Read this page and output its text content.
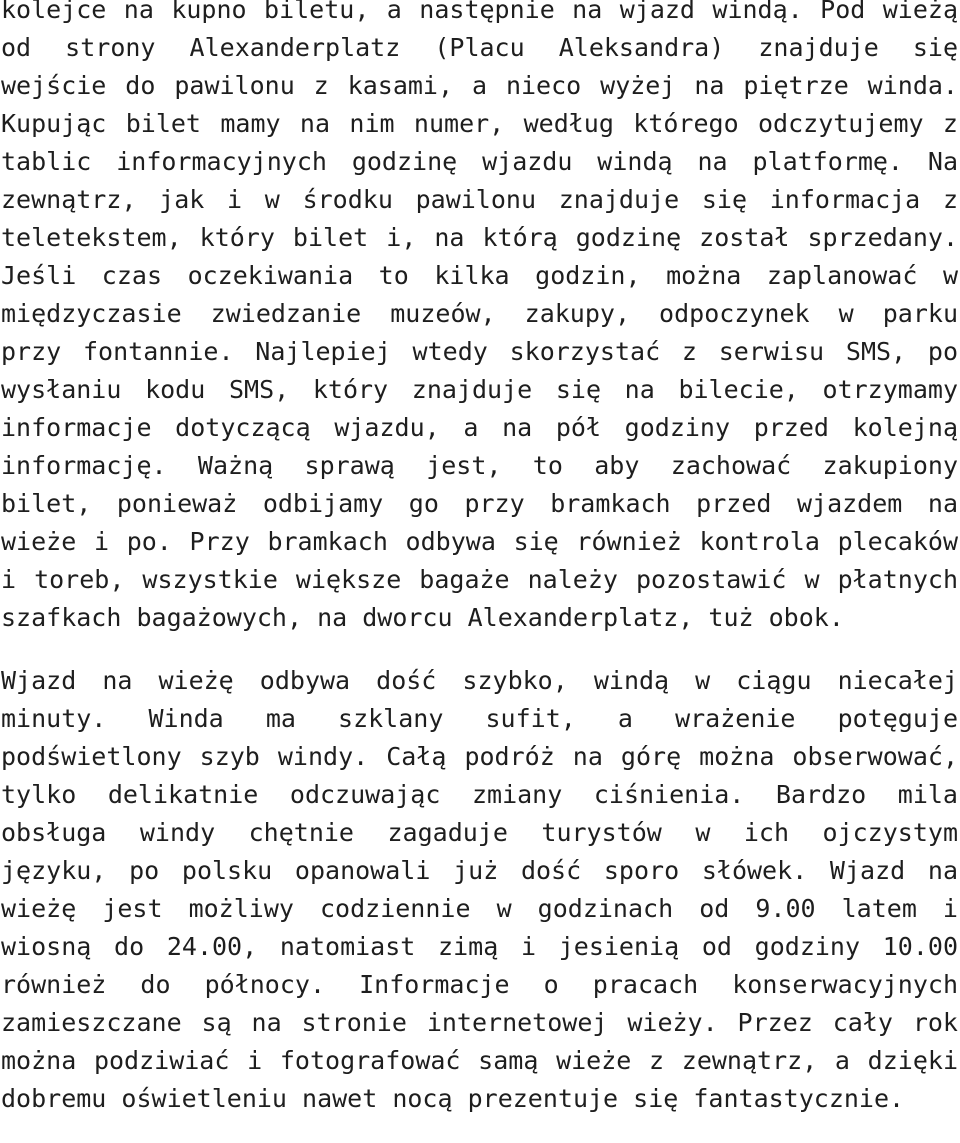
kolejce na kupno biletu, a następnie na wjazd windą. Pod wieżą
od strony Alexanderplatz (Placu Aleksandra) znajduje się
wejście do pawilonu z kasami, a nieco wyżej na piętrze winda.
Kupując bilet mamy na nim numer, według którego odczytujemy z
tablic informacyjnych godzinę wjazdu windą na platformę. Na
zewnątrz, jak i w środku pawilonu znajduje się informacja z
teletekstem, który bilet i, na którą godzinę został sprzedany.
Jeśli czas oczekiwania to kilka godzin, można zaplanować w
międzyczasie zwiedzanie muzeów, zakupy, odpoczynek w parku
przy fontannie. Najlepiej wtedy skorzystać z serwisu SMS, po
wysłaniu kodu SMS, który znajduje się na bilecie, otrzymamy
informacje dotyczącą wjazdu, a na pół godziny przed kolejną
informację. Ważną sprawą jest, to aby zachować zakupiony
bilet, ponieważ odbijamy go przy bramkach przed wjazdem na
wieże i po. Przy bramkach odbywa się również kontrola plecaków
i toreb, wszystkie większe bagaże należy pozostawić w płatnych
szafkach bagażowych, na dworcu Alexanderplatz, tuż obok.

Wjazd na wieżę odbywa dość szybko, windą w ciągu niecałej
minuty. Winda ma szklany sufit, a wrażenie potęguje
podświetlony szyb windy. Całą podróż na górę można obserwować,
tylko delikatnie odczuwając zmiany ciśnienia. Bardzo mila
obsługa windy chętnie zagaduje turystów w ich ojczystym
języku, po polsku opanowali już dość sporo słówek. Wjazd na
wieżę jest możliwy codziennie w godzinach od 9.00 latem i
wiosną do 24.00, natomiast zimą i jesienią od godziny 10.00
również do północy. Informacje o pracach konserwacyjnych
zamieszczane są na stronie internetowej wieży. Przez cały rok
można podziwiać i fotografować samą wieże z zewnątrz, a dzięki
dobremu oświetleniu nawet nocą prezentuje się fantastycznie.
